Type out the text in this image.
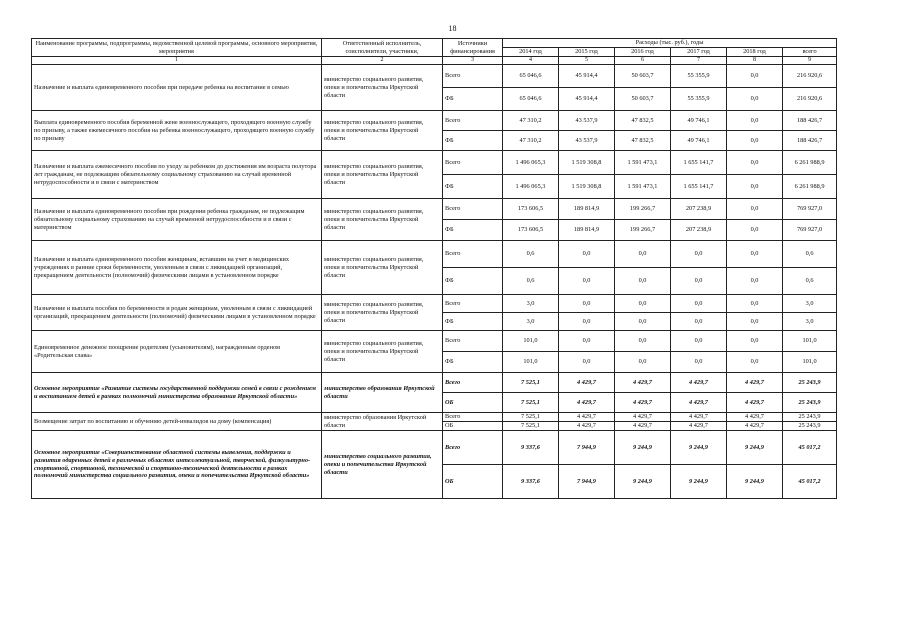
18
Наименование программы, подпрограммы, ведомственной целевой программы, основного мероприятия, мероприятия	Ответственный исполнитель, соисполнители, участники,	Источники финансирования	Расходы (тыс. руб.), годы					
			2014 год	2015 год	2016 год	2017 год	2018 год	всего
1	2	3	4	5	6	7	8	9
Назначение и выплата единовременного пособия при передаче ребенка на воспитание в семью	министерство социального развития, опеки и попечительства Иркутской области	Всего	65 046,6	45 914,4	50 603,7	55 355,9	0,0	216 920,6
		ФБ	65 046,6	45 914,4	50 603,7	55 355,9	0,0	216 920,6
Выплата единовременного пособия беременной жене военнослужащего, проходящего военную службу по призыву, а также ежемесячного пособия на ребенка военнослужащего, проходящего военную службу по призыву	министерство социального развития, опеки и попечительства Иркутской области	Всего	47 310,2	43 537,9	47 832,5	49 746,1	0,0	188 426,7
		ФБ	47 310,2	43 537,9	47 832,5	49 746,1	0,0	188 426,7
Назначение и выплата ежемесячного пособия по уходу за ребенком до достижения им возраста полутора лет гражданам, не подлежащим обязательному социальному страхованию на случай временной нетрудоспособности и в связи с материнством	министерство социального развития, опеки и попечительства Иркутской области	Всего	1 496 065,3	1 519 308,8	1 591 473,1	1 655 141,7	0,0	6 261 988,9
		ФБ	1 496 065,3	1 519 308,8	1 591 473,1	1 655 141,7	0,0	6 261 988,9
Назначение и выплата единовременного пособия при рождении ребенка гражданам, не подлежащим обязательному социальному страхованию на случай временной нетрудоспособности и в связи с материнством	министерство социального развития, опеки и попечительства Иркутской области	Всего	173 606,5	189 814,9	199 266,7	207 238,9	0,0	769 927,0
		ФБ	173 606,5	189 814,9	199 266,7	207 238,9	0,0	769 927,0
Назначение и выплата единовременного пособия женщинам, вставшим на учет в медицинских учреждениях в ранние сроки беременности, уволенным в связи с ликвидацией организаций, прекращением деятельности (полномочий) физическими лицами в установленном порядке	министерство социального развития, опеки и попечительства Иркутской области	Всего	0,6	0,0	0,0	0,0	0,0	0,6
		ФБ	0,6	0,0	0,0	0,0	0,0	0,6
Назначение и выплата пособия по беременности и родам женщинам, уволенным в связи с ликвидацией организаций, прекращением деятельности (полномочий) физическими лицами в установленном порядке	министерство социального развития, опеки и попечительства Иркутской области	Всего	3,0	0,0	0,0	0,0	0,0	3,0
		ФБ	3,0	0,0	0,0	0,0	0,0	3,0
Единовременное денежное поощрение родителям (усыновителям), награжденным орденом «Родительская слава»	министерство социального развития, опеки и попечительства Иркутской области	Всего	101,0	0,0	0,0	0,0	0,0	101,0
		ФБ	101,0	0,0	0,0	0,0	0,0	101,0
Основное мероприятие «Развитие системы государственной поддержки семей в связи с рождением и воспитанием детей в рамках полномочий министерства образования Иркутской области»	министерство образования Иркутской области	Всего	7 525,1	4 429,7	4 429,7	4 429,7	4 429,7	25 243,9
		ОБ	7 525,1	4 429,7	4 429,7	4 429,7	4 429,7	25 243,9
Возмещение затрат по воспитанию и обучению детей-инвалидов на дому (компенсация)	министерство образования Иркутской области	Всего	7 525,1	4 429,7	4 429,7	4 429,7	4 429,7	25 243,9
		ОБ	7 525,1	4 429,7	4 429,7	4 429,7	4 429,7	25 243,9
Основное мероприятие «Совершенствование областной системы выявления, поддержки и развития одаренных детей в различных областях интеллектуальной, творческой, физкультурно-спортивной, спортивной, технической и спортивно-технической деятельности в рамках полномочий министерства социального развития, опеки и попечительства Иркутской области»	министерство социального развития, опеки и попечительства Иркутской области	Всего	9 337,6	7 944,9	9 244,9	9 244,9	9 244,9	45 017,2
		ОБ	9 337,6	7 944,9	9 244,9	9 244,9	9 244,9	45 017,2
